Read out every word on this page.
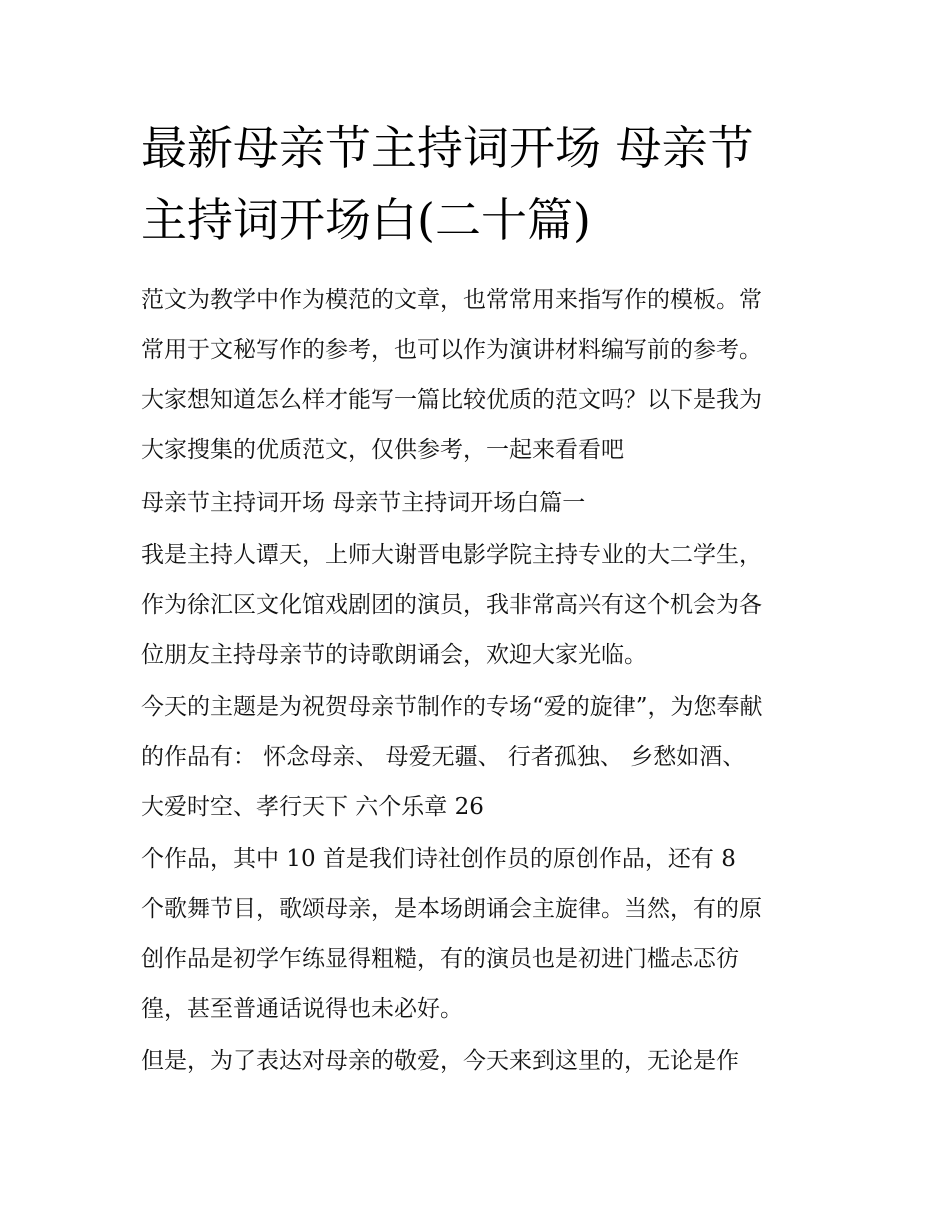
最新母亲节主持词开场 母亲节
主持词开场白(二十篇)

范文为教学中作为模范的文章，也常常用来指写作的模板。常

常用于文秘写作的参考，也可以作为演讲材料编写前的参考。

大家想知道怎么样才能写一篇比较优质的范文吗？以下是我为

大家搜集的优质范文，仅供参考，一起来看看吧

母亲节主持词开场 母亲节主持词开场白篇一

我是主持人谭天，上师大谢晋电影学院主持专业的大二学生，

作为徐汇区文化馆戏剧团的演员，我非常高兴有这个机会为各

位朋友主持母亲节的诗歌朗诵会，欢迎大家光临。

今天的主题是为祝贺母亲节制作的专场“爱的旋律”，为您奉献

的作品有： 怀念母亲、 母爱无疆、 行者孤独、 乡愁如酒、

大爱时空、孝行天下 六个乐章 26

个作品，其中 10 首是我们诗社创作员的原创作品，还有 8

个歌舞节目，歌颂母亲，是本场朗诵会主旋律。当然，有的原

创作品是初学乍练显得粗糙，有的演员也是初进门槛忐忑彷

徨，甚至普通话说得也未必好。

但是，为了表达对母亲的敬爱，今天来到这里的，无论是作
